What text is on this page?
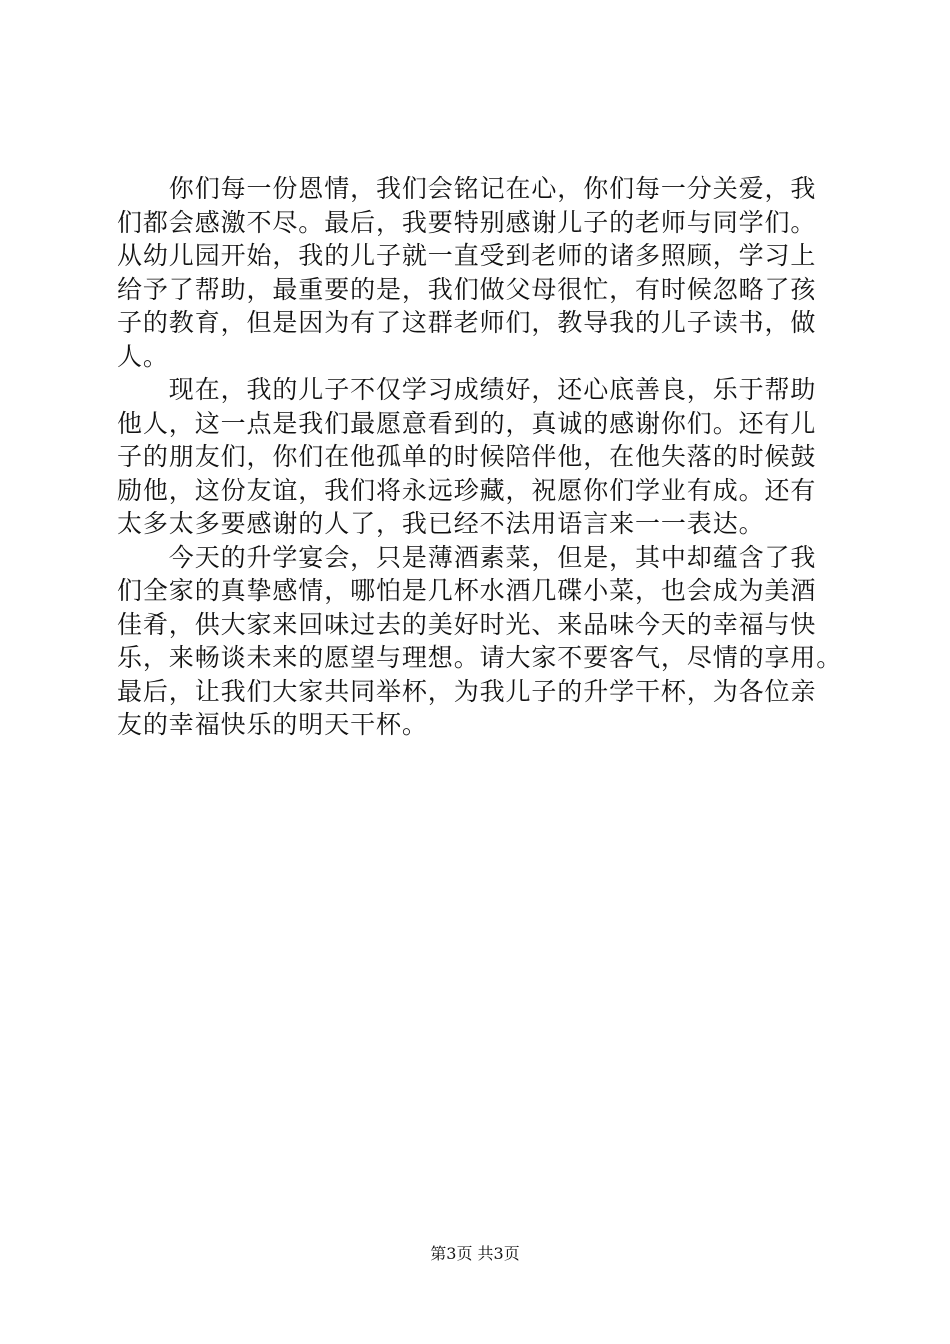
　　你们每一份恩情，我们会铭记在心，你们每一分关爱，我
们都会感激不尽。最后，我要特别感谢儿子的老师与同学们。
从幼儿园开始，我的儿子就一直受到老师的诸多照顾，学习上
给予了帮助，最重要的是，我们做父母很忙，有时候忽略了孩
子的教育，但是因为有了这群老师们，教导我的儿子读书，做
人。
　　现在，我的儿子不仅学习成绩好，还心底善良，乐于帮助
他人，这一点是我们最愿意看到的，真诚的感谢你们。还有儿
子的朋友们，你们在他孤单的时候陪伴他，在他失落的时候鼓
励他，这份友谊，我们将永远珍藏，祝愿你们学业有成。还有
太多太多要感谢的人了，我已经不法用语言来一一表达。
　　今天的升学宴会，只是薄酒素菜，但是，其中却蕴含了我
们全家的真挚感情，哪怕是几杯水酒几碟小菜，也会成为美酒
佳肴，供大家来回味过去的美好时光、来品味今天的幸福与快
乐，来畅谈未来的愿望与理想。请大家不要客气，尽情的享用。
最后，让我们大家共同举杯，为我儿子的升学干杯，为各位亲
友的幸福快乐的明天干杯。
第3页 共3页
